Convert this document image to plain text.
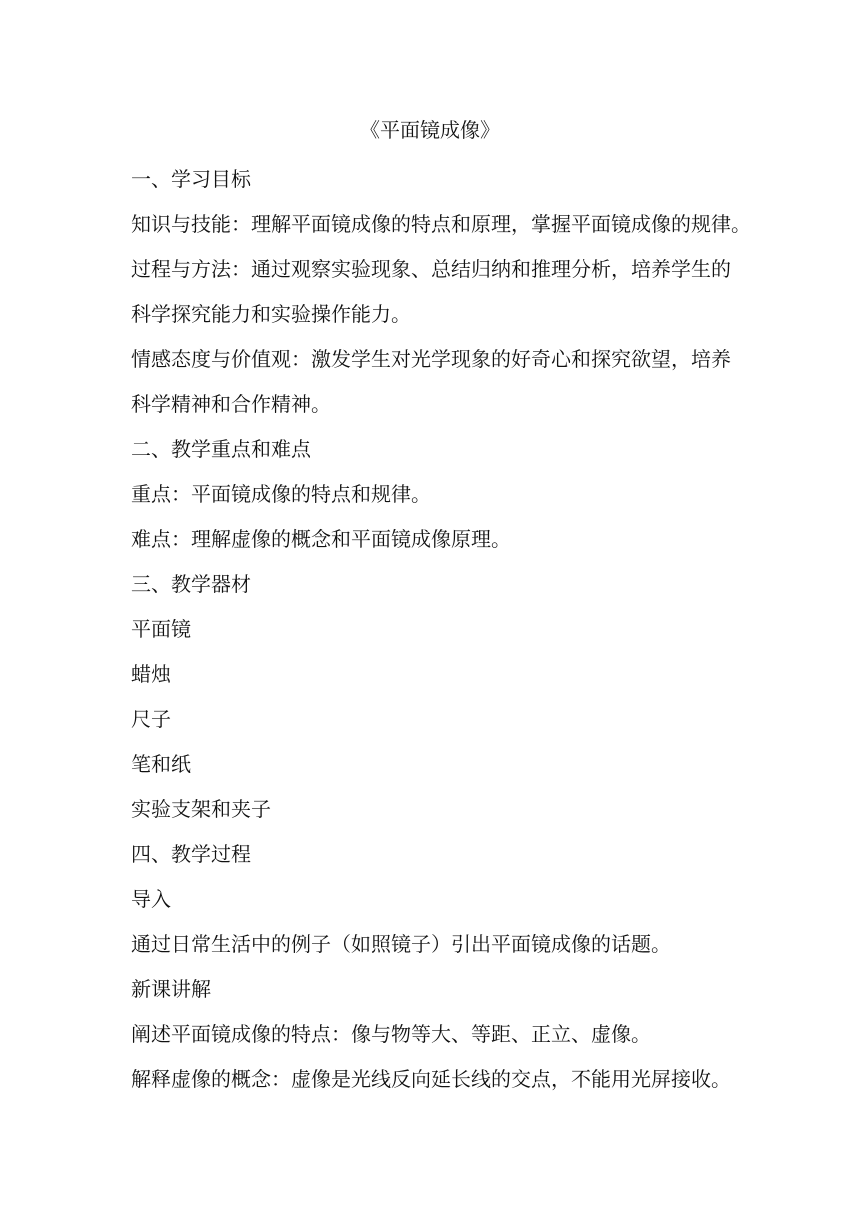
《平面镜成像》

一、学习目标

知识与技能：理解平面镜成像的特点和原理，掌握平面镜成像的规律。

过程与方法：通过观察实验现象、总结归纳和推理分析，培养学生的

科学探究能力和实验操作能力。

情感态度与价值观：激发学生对光学现象的好奇心和探究欲望，培养

科学精神和合作精神。

二、教学重点和难点

重点：平面镜成像的特点和规律。

难点：理解虚像的概念和平面镜成像原理。

三、教学器材

平面镜

蜡烛

尺子

笔和纸

实验支架和夹子

四、教学过程

导入

通过日常生活中的例子（如照镜子）引出平面镜成像的话题。

新课讲解

阐述平面镜成像的特点：像与物等大、等距、正立、虚像。

解释虚像的概念：虚像是光线反向延长线的交点，不能用光屏接收。
